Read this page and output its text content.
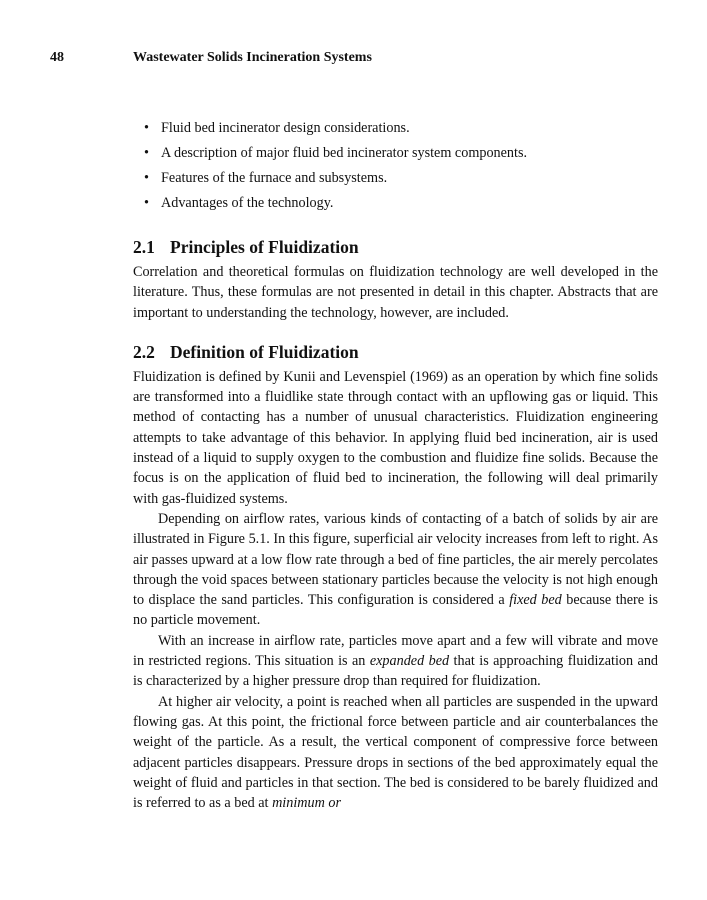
48	Wastewater Solids Incineration Systems
• Fluid bed incinerator design considerations.
• A description of major fluid bed incinerator system components.
• Features of the furnace and subsystems.
• Advantages of the technology.
2.1 Principles of Fluidization

Correlation and theoretical formulas on fluidization technology are well developed in the literature. Thus, these formulas are not presented in detail in this chapter. Abstracts that are important to understanding the technology, however, are included.

2.2 Definition of Fluidization

Fluidization is defined by Kunii and Levenspiel (1969) as an operation by which fine solids are transformed into a fluidlike state through contact with an upflowing gas or liquid. This method of contacting has a number of unusual characteristics. Fluidization engineering attempts to take advantage of this behavior. In applying fluid bed incineration, air is used instead of a liquid to supply oxygen to the combustion and fluidize fine solids. Because the focus is on the application of fluid bed to incineration, the following will deal primarily with gas-fluidized systems.

Depending on airflow rates, various kinds of contacting of a batch of solids by air are illustrated in Figure 5.1. In this figure, superficial air velocity increases from left to right. As air passes upward at a low flow rate through a bed of fine particles, the air merely percolates through the void spaces between stationary particles because the velocity is not high enough to displace the sand particles. This configuration is considered a fixed bed because there is no particle movement.

With an increase in airflow rate, particles move apart and a few will vibrate and move in restricted regions. This situation is an expanded bed that is approaching fluidization and is characterized by a higher pressure drop than required for fluidization.

At higher air velocity, a point is reached when all particles are suspended in the upward flowing gas. At this point, the frictional force between particle and air counterbalances the weight of the particle. As a result, the vertical component of compressive force between adjacent particles disappears. Pressure drops in sections of the bed approximately equal the weight of fluid and particles in that section. The bed is considered to be barely fluidized and is referred to as a bed at minimum or
